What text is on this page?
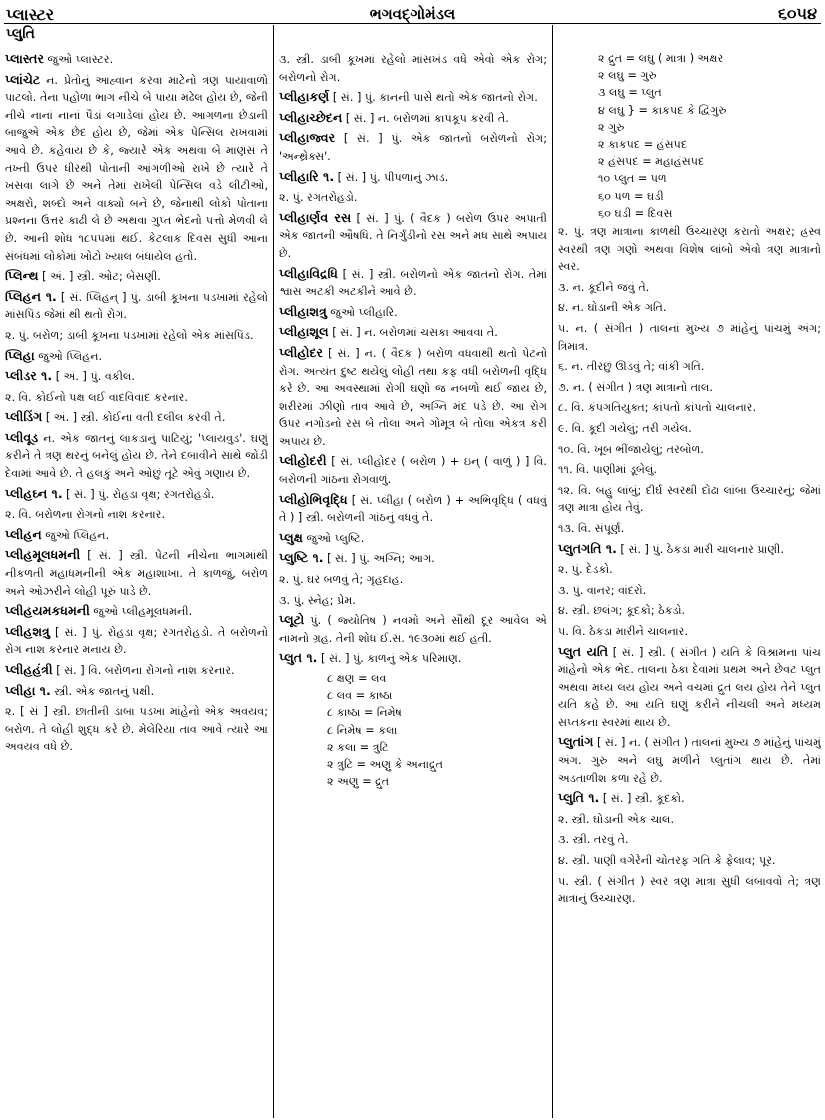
પ્લાસ્ટર
પ્લુતિ
ભગવદ્ગોમંડલ	૬૦૫૪
પ્લાસ્તર જુઓ પ્લાસ્ટર.
પ્લાંચેટ ન. પ્રેતોનું આહ્વાન કરવા માટેનો ત્રણ પાયાવાળો પાટલો. તેના પહોળા ભાગ નીચે બે પાયા મઢેલ હોય છે, જેની નીચે નાનાં નાનાં પૈડાં લગાડેલાં હોય છે. આગળના છેડાની બાજુએ એક છેદ હોય છે, જેમાં એક પેન્સિલ રાખવામાં આવે છે. કહેવાય છે કે, જ્યારે એક અથવા બે માણસ તે તખ્તી ઉપર ધીરથી પોતાની આંગળીઓ રાખે છે ત્યારે તે ખસવા લાગે છે અને તેમાં રાખેલી પેન્સિલ વડે લીટીઓ, અક્ષરો, શબ્દો અને વાક્યો બને છે, જેનાથી લોકો પોતાના પ્રશ્નના ઉત્તર કાઢી લે છે અથવા ગુપ્ત ભેદનો પત્તો મેળવી લે છે. આની શોધ ૧૮૫૫માં થઈ. કેટલાક દિવસ સુધી આના સંબંધમાં લોકોમાં ખોટો ખ્યાલ બંધાયેલ હતો.
પ્લિન્થ [ અં. ] સ્ત્રી. ઓટ; બેસણી.
પ્લિહન ૧. [ સં. પ્લિહન્ ] પું. ડાબી કૂખના પડખામાં રહેલો માંસપિંડ જેમાં થી થતો રોગ.
૨. પું. બરોળ; ડાબી કૂખના પડખામાં રહેલો એક માંસપિંડ.
પ્લિહા જુઓ પ્લિહન.
પ્લીડર ૧. [ અં. ] પું. વકીલ.
૨. વિ. કોઈનો પક્ષ લઈ વાદવિવાદ કરનાર.
પ્લીડિંગ [ અં. ] સ્ત્રી. કોઈના વતી દલીલ કરવી તે.
પ્લીવૂડ ન. એક જાતનું લાકડાનું પાટિયું; 'પ્લાયવુડ'. ઘણું કરીને તે ત્રણ થરનું બનેલું હોય છે. તેને દબાવીને સાથે જોડી દેવામાં આવે છે. તે હલકું અને ઓછું તૂટે એવું ગણાય છે.
પ્લીહઘ્ન ૧. [ સં. ] પું. રોહડા વૃક્ષ; રગતરોહડો.
૨. વિ. બરોળના રોગનો નાશ કરનાર.
પ્લીહન જુઓ પ્લિહન.
પ્લીહમૂલધમની [ સં. ] સ્ત્રી. પેટની નીચેના ભાગમાંથી નીકળતી મહાધમનીની એક મહાશાખા. તે કાળજું, બરોળ અને ઓઝરીને લોહી પૂરું પાડે છે.
પ્લીહયમકધમની જુઓ પ્લીહમૂલધમની.
પ્લીહશત્રુ [ સં. ] પું. રોહડા વૃક્ષ; રગતરોહડો. તે બરોળનો રોગ નાશ કરનાર મનાય છે.
પ્લીહહંત્રી [ સં. ] વિ. બરોળના રોગનો નાશ કરનાર.
પ્લીહા ૧. સ્ત્રી. એક જાતનું પક્ષી.
૨. [ સં ] સ્ત્રી. છાતીની ડાબા પડખા માંહેનો એક અવયવ; બરોળ. તે લોહી શુદ્ધ કરે છે. મેલેરિયા તાવ આવે ત્યારે આ અવયવ વધે છે.
૩. સ્ત્રી. ડાબી કૂખમાં રહેલો માંસખંડ વધે એવો એક રોગ; બરોળનો રોગ.
પ્લીહાકર્ણ [ સં. ] પું. કાનની પાસે થતો એક જાતનો રોગ.
પ્લીહાચ્છેદન [ સં. ] ન. બરોળમાં કાપકૂપ કરવી તે.
પ્લીહાજ્વર [ સં. ] પું. એક જાતનો બરોળનો રોગ; 'અન્થ્રેક્સ'.
પ્લીહારિ ૧. [ સં. ] પું. પીપળાનું ઝાડ.
૨. પું. રગતરોહડો.
પ્લીહાર્ણવ રસ [ સં. ] પું. ( વૈદક ) બરોળ ઉપર અપાતી એક જાતની ઔષધિ. તે નિર્ગુંડીનો રસ અને મધ સાથે અપાય છે.
પ્લીહાવિદ્રધિ [ સં. ] સ્ત્રી. બરોળનો એક જાતનો રોગ. તેમાં શ્વાસ અટકી અટકીને આવે છે.
પ્લીહાશત્રુ જુઓ પ્લીહારિ.
પ્લીહાશૂલ [ સં. ] ન. બરોળમાં ચસકા આવવા તે.
પ્લીહોદર [ સં. ] ન. ( વૈદક ) બરોળ વધવાથી થતો પેટનો રોગ. અત્યંત દુષ્ટ થયેલું લોહી તથા કફ વધી બરોળની વૃદ્ધિ કરે છે. આ અવસ્થામાં રોગી ઘણો જ નબળો થઈ જાય છે, શરીરમાં ઝીણો તાવ આવે છે, અગ્નિ મંદ પડે છે. આ રોગ ઉપર નગોડનો રસ બે તોલા અને ગોમૂત્ર બે તોલા એકત્ર કરી અપાય છે.
પ્લીહોદરી [ સં. પ્લીહોદર ( બરોળ ) + ઇન્ ( વાળું ) ] વિ. બરોળની ગાંઠના રોગવાળું.
પ્લીહોભિવૃદ્ધિ [ સં. પ્લીહા ( બરોળ ) + અભિવૃદ્ધિ ( વધવું તે ) ] સ્ત્રી. બરોળની ગાંઠનું વધવું તે.
પ્લુક્ષ જુઓ પ્લુષ્ટિ.
પ્લુષ્ટિ ૧. [ સં. ] પું. અગ્નિ; આગ.
૨. પું. ઘર બળવું તે; ગૃહદાહ.
૩. પું. સ્નેહ; પ્રેમ.
પ્લૂટો પું. ( જ્યોતિષ ) નવમો અને સૌથી દૂર આવેલ એ નામનો ગ્રહ. તેની શોધ ઈ.સ. ૧૯૩૦માં થઈ હતી.
પ્લુત ૧. [ સં. ] પું. કાળનું એક પરિમાણ.
૮ ક્ષણ = લવ
૮ લવ = કાષ્ઠા
૮ કાષ્ઠા = નિમેષ
૮ નિમેષ = કલા
૨ કલા = ત્રુટિ
૨ ત્રુટિ = અણુ કે અનાદ્રુત
૨ અણુ = દ્રુત
૨ દ્રુત = લઘુ ( માત્રા ) અક્ષર
૨ લઘુ = ગુરુ
૩ લઘુ = પ્લુત
૪ લઘુ } = કાકપદ કે દ્વિગુરુ
૨ ગુરુ
૨ કાકપદ = હંસપદ
૨ હંસપદ = મહાહંસપદ
૧૦ પ્લુત = પળ
૬૦ પળ = ઘડી
૬૦ ઘડી = દિવસ
૨. પું. ત્રણ માત્રાના કાળથી ઉચ્ચારણ કરાતો અક્ષર; હ્રસ્વ સ્વરથી ત્રણ ગણો અથવા વિશેષ લાંબો એવો ત્રણ માત્રાનો સ્વર.
૩. ન. કૂદીને જવું તે.
૪. ન. ઘોડાની એક ગતિ.
૫. ન. ( સંગીત ) તાલનાં મુખ્ય ૭ માંહેનું પાંચમું અંગ; ત્રિમાત્ર.
૬. ન. તીરછું ઊડવું તે; વાંકી ગતિ.
૭. ન. ( સંગીત ) ત્રણ માત્રાનો તાલ.
૮. વિ. કંપગતિયુક્ત; કાંપતો કાંપતો ચાલનાર.
૯. વિ. કૂદી ગયેલું; તરી ગયેલ.
૧૦. વિ. ખૂબ ભીંજાયેલું; તરબોળ.
૧૧. વિ. પાણીમાં ડૂબેલું.
૧૨. વિ. બહુ લાંબું; દીર્ઘ સ્વરથી દોઢા લાંબા ઉચ્ચારનું; જેમાં ત્રણ માત્રા હોય તેવું.
૧૩. વિ. સંપૂર્ણ.
પ્લુતગતિ ૧. [ સં. ] પું. ઠેકડા મારી ચાલનાર પ્રાણી.
૨. પું. દેડકો.
૩. પું. વાનર; વાંદરો.
૪. સ્ત્રી. છલંગ; કૂદકો; ઠેકડો.
૫. વિ. ઠેકડા મારીને ચાલનાર.
પ્લુત યતિ [ સં. ] સ્ત્રી. ( સંગીત ) યતિ કે વિશ્રામના પાંચ માંહેનો એક ભેદ. તાલના ઠેકા દેવામાં પ્રથમ અને છેવટ પ્લુત અથવા મધ્ય લય હોય અને વચમાં દ્રુત લય હોય તેને પ્લુત યતિ કહે છે. આ યતિ ઘણું કરીને નીચલી અને મધ્યમ સપ્તકના સ્વરમાં થાય છે.
પ્લુતાંગ [ સં. ] ન. ( સંગીત ) તાલનાં મુખ્ય ૭ માંહેનું પાંચમું અંગ. ગુરુ અને લઘુ મળીને પ્લુતાંગ થાય છે. તેમાં અડતાળીશ કળા રહે છે.
પ્લુતિ ૧. [ સં. ] સ્ત્રી. કૂદકો.
૨. સ્ત્રી. ઘોડાની એક ચાલ.
૩. સ્ત્રી. તરવું તે.
૪. સ્ત્રી. પાણી વગેરેની ચોતરફ ગતિ કે ફેલાવ; પૂર.
૫. સ્ત્રી. ( સંગીત ) સ્વર ત્રણ માત્રા સુધી લંબાવવો તે; ત્રણ માત્રાનું ઉચ્ચારણ.
